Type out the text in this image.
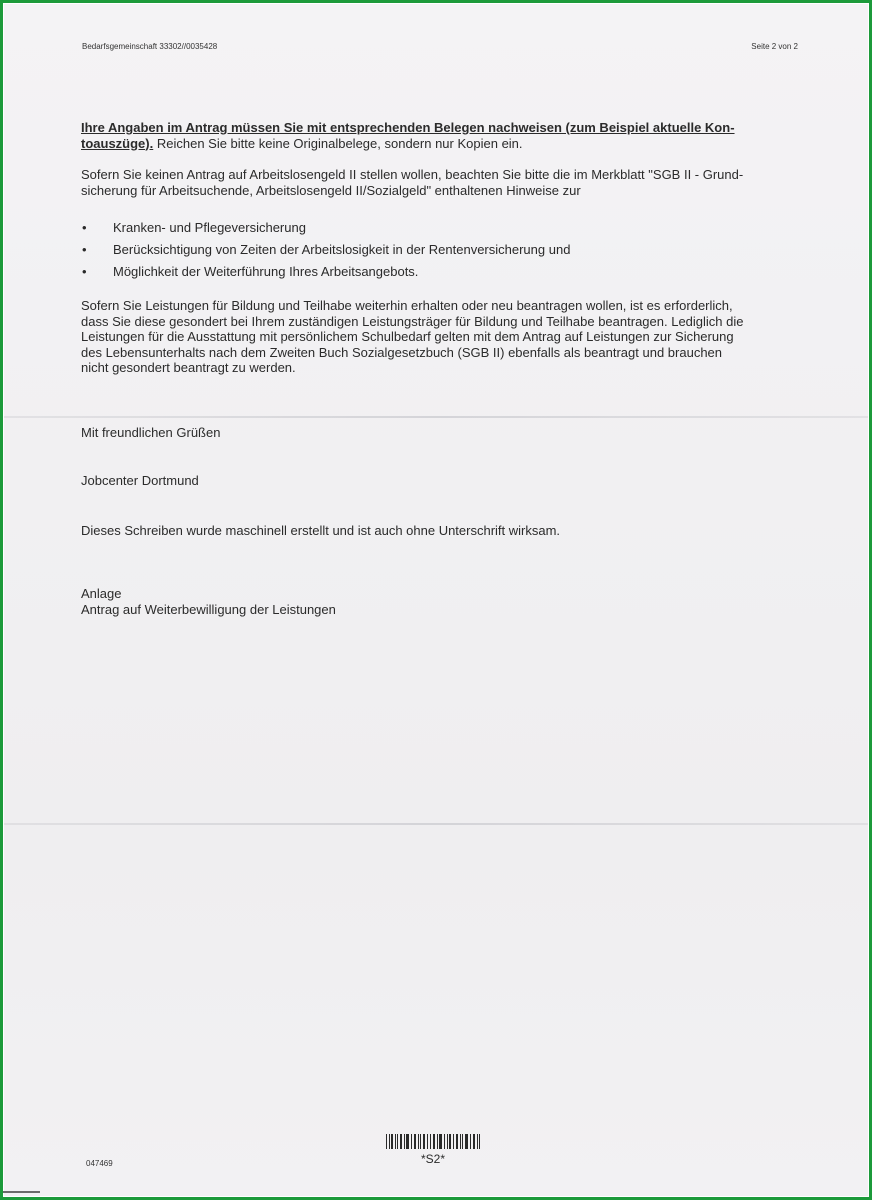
Bedarfsgemeinschaft 33302//0035428	Seite 2 von 2
Ihre Angaben im Antrag müssen Sie mit entsprechenden Belegen nachweisen (zum Beispiel aktuelle Kon-
toauszüge). Reichen Sie bitte keine Originalbelege, sondern nur Kopien ein.
Sofern Sie keinen Antrag auf Arbeitslosengeld II stellen wollen, beachten Sie bitte die im Merkblatt "SGB II - Grund-
sicherung für Arbeitsuchende, Arbeitslosengeld II/Sozialgeld" enthaltenen Hinweise zur
• Kranken- und Pflegeversicherung
• Berücksichtigung von Zeiten der Arbeitslosigkeit in der Rentenversicherung und
• Möglichkeit der Weiterführung Ihres Arbeitsangebots.
Sofern Sie Leistungen für Bildung und Teilhabe weiterhin erhalten oder neu beantragen wollen, ist es erforderlich,
dass Sie diese gesondert bei Ihrem zuständigen Leistungsträger für Bildung und Teilhabe beantragen. Lediglich die
Leistungen für die Ausstattung mit persönlichem Schulbedarf gelten mit dem Antrag auf Leistungen zur Sicherung
des Lebensunterhalts nach dem Zweiten Buch Sozialgesetzbuch (SGB II) ebenfalls als beantragt und brauchen
nicht gesondert beantragt zu werden.
Mit freundlichen Grüßen
Jobcenter Dortmund
Dieses Schreiben wurde maschinell erstellt und ist auch ohne Unterschrift wirksam.
Anlage
Antrag auf Weiterbewilligung der Leistungen
047469	*S2*
